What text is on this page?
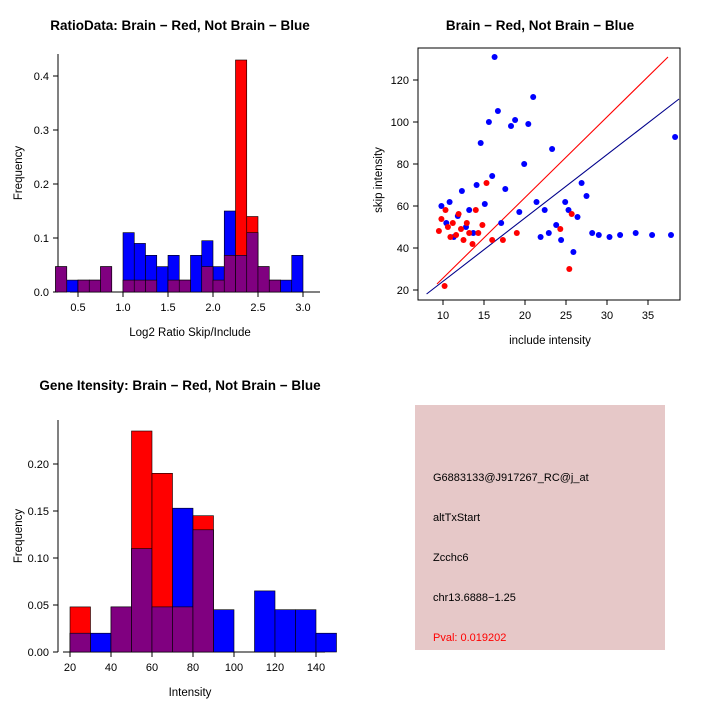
RatioData: Brain − Red, Not Brain − Blue
0.0
0.1
0.2
0.3
0.4
Frequency
0.5	1.0	1.5	2.0	2.5	3.0
Log2 Ratio Skip/Include
Brain − Red, Not Brain − Blue
20
40
60
80
100
120
skip intensity
10	15	20	25	30	35
include intensity
Gene Itensity: Brain − Red, Not Brain − Blue
0.00
0.05
0.10
0.15
0.20
Frequency
20	40	60	80 100 120 140
Intensity
G6883133@J917267_RC@j_at
altTxStart
Zcchc6
chr13.6888−1.25
Pval: 0.019202
